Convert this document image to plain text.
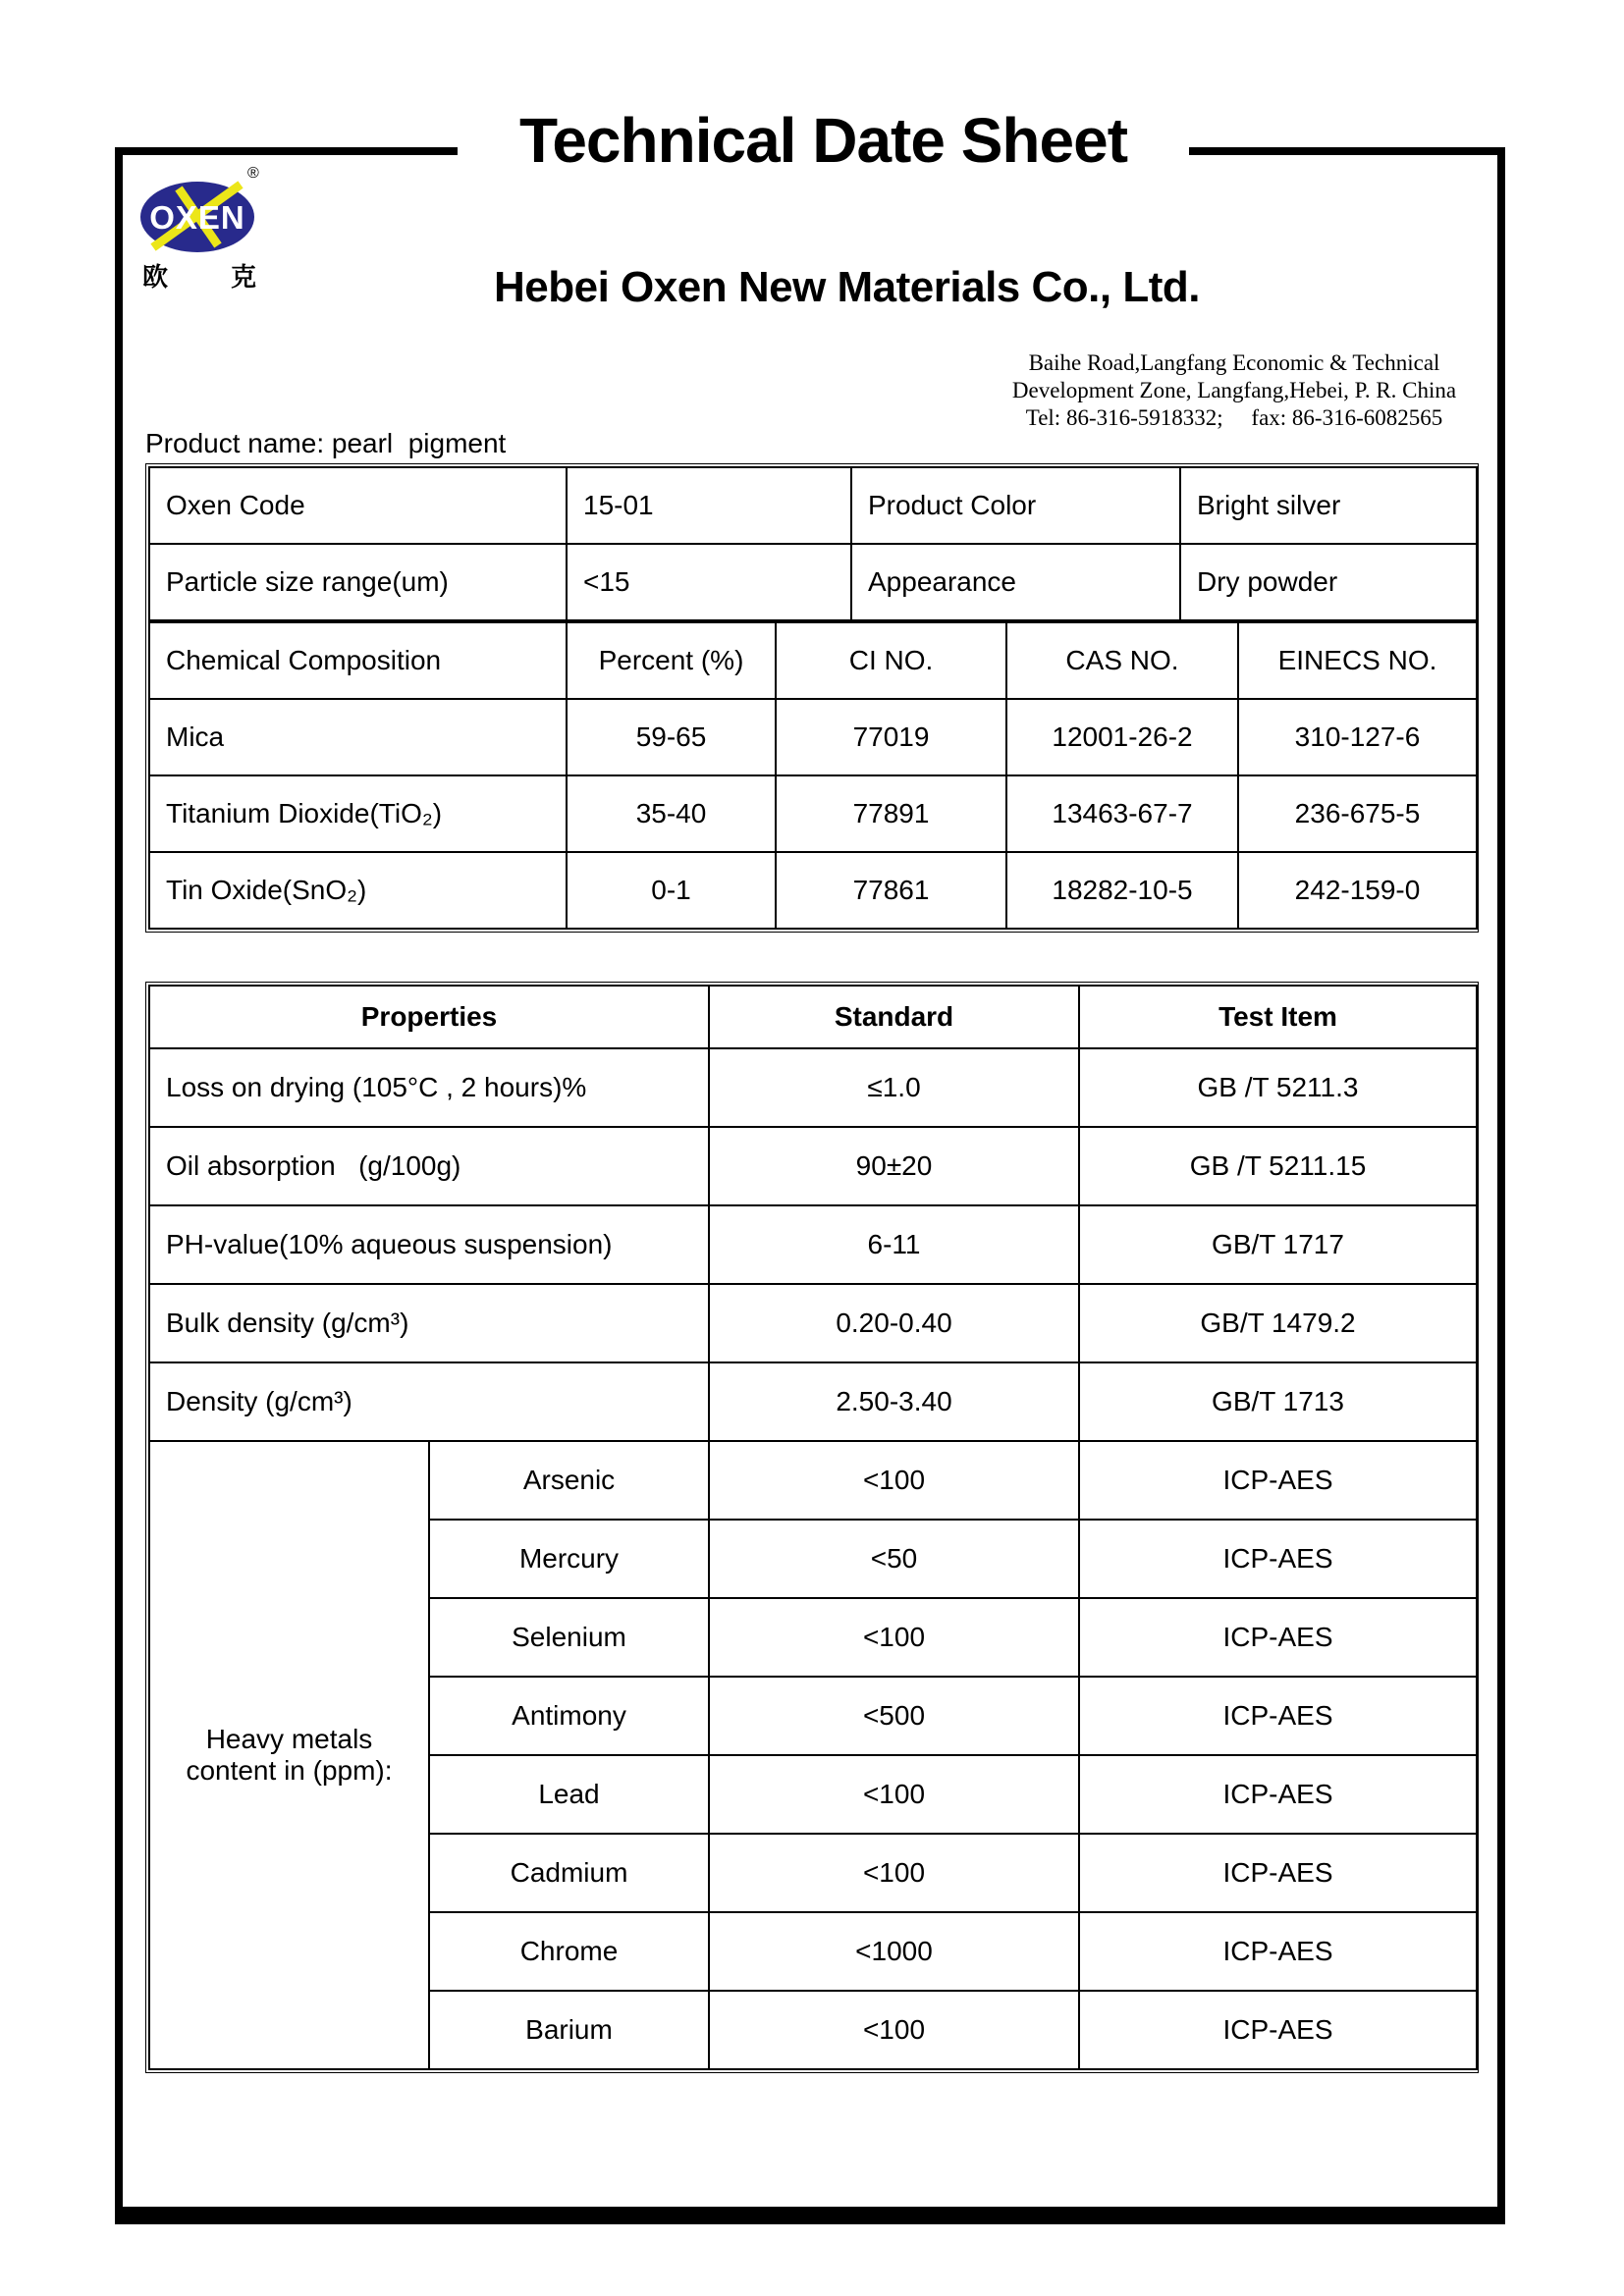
Technical Date Sheet
OXEN
®
欧 克	Hebei Oxen New Materials Co., Ltd.
Baihe Road,Langfang Economic & Technical
Development Zone, Langfang,Hebei, P. R. China
Tel: 86-316-5918332;     fax: 86-316-6082565
Product name: pearl  pigment
Oxen Code	15-01	Product Color	Bright silver
Particle size range(um)	<15	Appearance	Dry powder
Chemical Composition	Percent (%)	CI NO.	CAS NO.	EINECS NO.
Mica	59-65	77019	12001-26-2	310-127-6
Titanium Dioxide(TiO₂)	35-40	77891	13463-67-7	236-675-5
Tin Oxide(SnO₂)	0-1	77861	18282-10-5	242-159-0
Properties		Standard	Test Item
Loss on drying (105°C , 2 hours)%		≤1.0	GB /T 5211.3
Oil absorption   (g/100g)		90±20	GB /T 5211.15
PH-value(10% aqueous suspension)		6-11	GB/T 1717
Bulk density (g/cm³)		0.20-0.40	GB/T 1479.2
Density (g/cm³)		2.50-3.40	GB/T 1713
Heavy metals content in (ppm):	Arsenic	<100	ICP-AES
	Mercury	<50	ICP-AES
	Selenium	<100	ICP-AES
	Antimony	<500	ICP-AES
	Lead	<100	ICP-AES
	Cadmium	<100	ICP-AES
	Chrome	<1000	ICP-AES
	Barium	<100	ICP-AES
